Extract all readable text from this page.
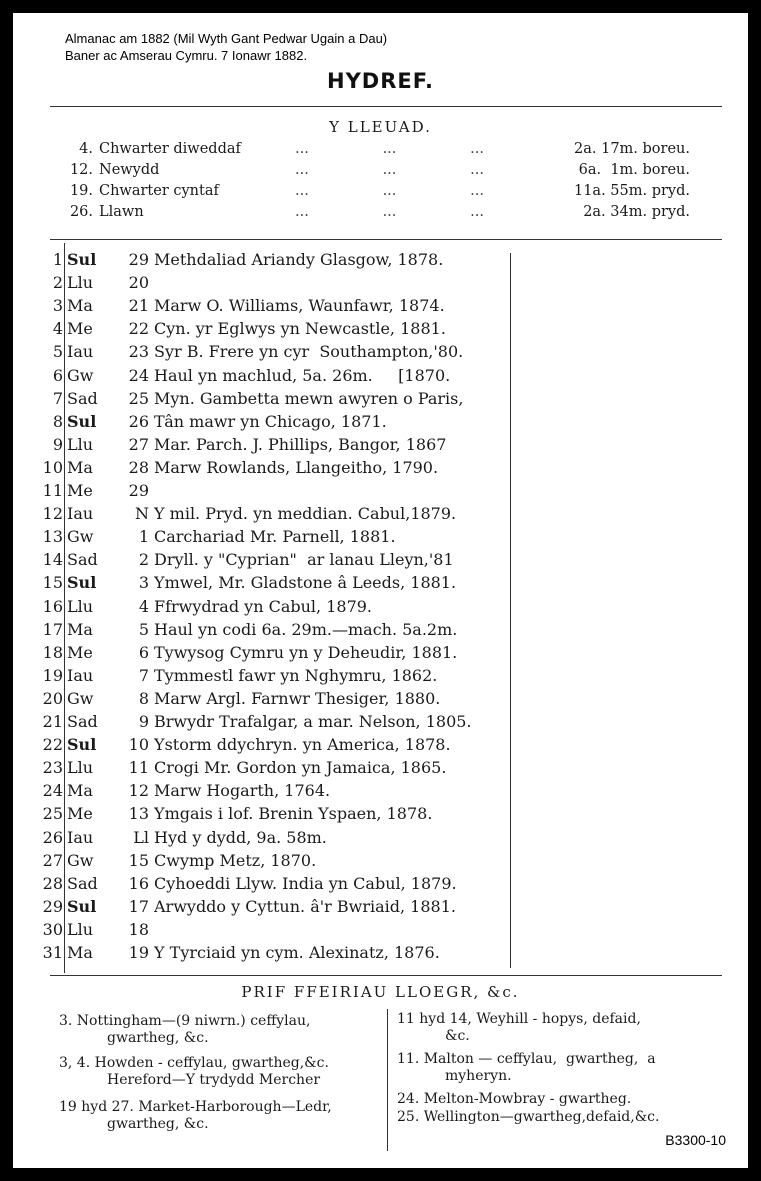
Almanac am 1882 (Mil Wyth Gant Pedwar Ugain a Dau)
Baner ac Amserau Cymru. 7 Ionawr 1882.
HYDREF.
Y LLEUAD.
4. Chwarter diweddaf	...                ...                ...	2a. 17m. boreu.
12. Newydd	...                ...                ...	6a.  1m. boreu.
19. Chwarter cyntaf	...                ...                ...	11a. 55m. pryd.
26. Llawn	...                ...                ...	2a. 34m. pryd.
1 Sul	29 Methdaliad Ariandy Glasgow, 1878.
2 Llu	20
3 Ma	21 Marw O. Williams, Waunfawr, 1874.
4 Me	22 Cyn. yr Eglwys yn Newcastle, 1881.
5 Iau	23 Syr B. Frere yn cyr  Southampton,'80.
6 Gw	24 Haul yn machlud, 5a. 26m.     [1870.
7 Sad	25 Myn. Gambetta mewn awyren o Paris,
8 Sul	26 Tân mawr yn Chicago, 1871.
9 Llu	27 Mar. Parch. J. Phillips, Bangor, 1867
10 Ma	28 Marw Rowlands, Llangeitho, 1790.
11 Me	29
12 Iau	N Y mil. Pryd. yn meddian. Cabul,1879.
13 Gw	1 Carchariad Mr. Parnell, 1881.
14 Sad	2 Dryll. y "Cyprian"  ar lanau Lleyn,'81
15 Sul	3 Ymwel, Mr. Gladstone â Leeds, 1881.
16 Llu	4 Ffrwydrad yn Cabul, 1879.
17 Ma	5 Haul yn codi 6a. 29m.—mach. 5a.2m.
18 Me	6 Tywysog Cymru yn y Deheudir, 1881.
19 Iau	7 Tymmestl fawr yn Nghymru, 1862.
20 Gw	8 Marw Argl. Farnwr Thesiger, 1880.
21 Sad	9 Brwydr Trafalgar, a mar. Nelson, 1805.
22 Sul	10 Ystorm ddychryn. yn America, 1878.
23 Llu	11 Crogi Mr. Gordon yn Jamaica, 1865.
24 Ma	12 Marw Hogarth, 1764.
25 Me	13 Ymgais i lof. Brenin Yspaen, 1878.
26 Iau	Ll Hyd y dydd, 9a. 58m.
27 Gw	15 Cwymp Metz, 1870.
28 Sad	16 Cyhoeddi Llyw. India yn Cabul, 1879.
29 Sul	17 Arwyddo y Cyttun. â'r Bwriaid, 1881.
30 Llu	18
31 Ma	19 Y Tyrciaid yn cym. Alexinatz, 1876.
PRIF FFEIRIAU LLOEGR, &c.
3. Nottingham—(9 niwrn.) ceffylau,
gwartheg, &c.
3, 4. Howden - ceffylau, gwartheg,&c.
Hereford—Y trydydd Mercher
19 hyd 27. Market-Harborough—Ledr,
gwartheg, &c.
11 hyd 14, Weyhill - hopys, defaid,
&c.
11. Malton — ceffylau,  gwartheg,  a
myheryn.
24. Melton-Mowbray - gwartheg.
25. Wellington—gwartheg,defaid,&c.
B3300-10
